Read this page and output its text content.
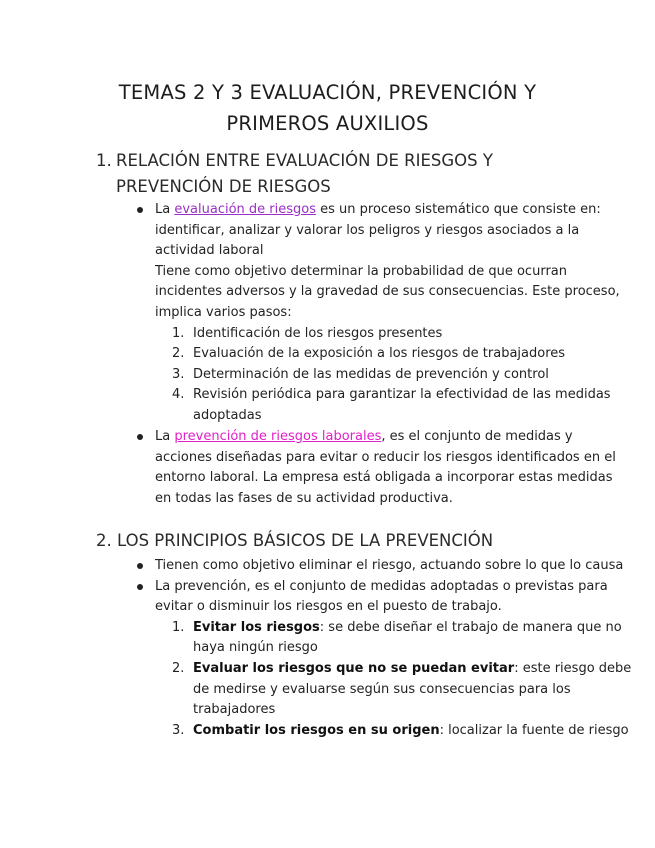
TEMAS 2 Y 3 EVALUACIÓN, PREVENCIÓN Y
PRIMEROS AUXILIOS
1. RELACIÓN ENTRE EVALUACIÓN DE RIESGOS Y
PREVENCIÓN DE RIESGOS
La evaluación de riesgos es un proceso sistemático que consiste en:
identificar, analizar y valorar los peligros y riesgos asociados a la
actividad laboral
Tiene como objetivo determinar la probabilidad de que ocurran
incidentes adversos y la gravedad de sus consecuencias. Este proceso,
implica varios pasos:
1. Identificación de los riesgos presentes
2. Evaluación de la exposición a los riesgos de trabajadores
3. Determinación de las medidas de prevención y control
4. Revisión periódica para garantizar la efectividad de las medidas
adoptadas
La prevención de riesgos laborales, es el conjunto de medidas y
acciones diseñadas para evitar o reducir los riesgos identificados en el
entorno laboral. La empresa está obligada a incorporar estas medidas
en todas las fases de su actividad productiva.
2. LOS PRINCIPIOS BÁSICOS DE LA PREVENCIÓN
Tienen como objetivo eliminar el riesgo, actuando sobre lo que lo causa
La prevención, es el conjunto de medidas adoptadas o previstas para
evitar o disminuir los riesgos en el puesto de trabajo.
1. Evitar los riesgos: se debe diseñar el trabajo de manera que no
haya ningún riesgo
2. Evaluar los riesgos que no se puedan evitar: este riesgo debe
de medirse y evaluarse según sus consecuencias para los
trabajadores
3. Combatir los riesgos en su origen: localizar la fuente de riesgo
